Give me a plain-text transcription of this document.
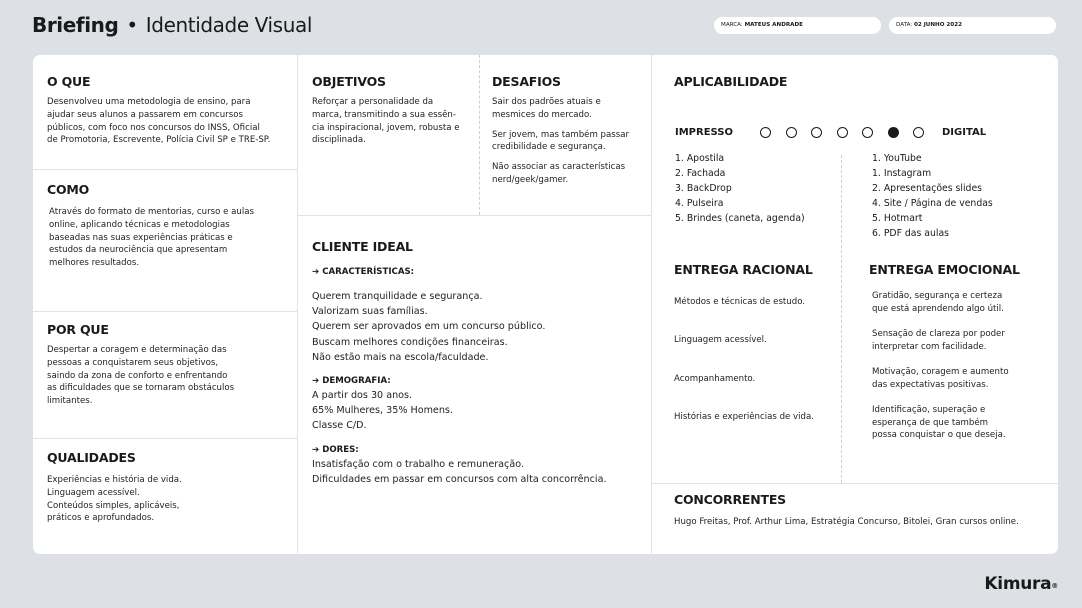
Briefing • Identidade Visual	MARCA: MATEUS ANDRADE	DATA: 02 JUNHO 2022
O QUE
Desenvolveu uma metodologia de ensino, para
ajudar seus alunos a passarem em concursos
públicos, com foco nos concursos do INSS, Oficial
de Promotoria, Escrevente, Polícia Civil SP e TRE-SP.
COMO
Através do formato de mentorias, curso e aulas
online, aplicando técnicas e metodologias
baseadas nas suas experiências práticas e
estudos da neurociência que apresentam
melhores resultados.
POR QUE
Despertar a coragem e determinação das
pessoas a conquistarem seus objetivos,
saindo da zona de conforto e enfrentando
as dificuldades que se tornaram obstáculos
limitantes.
QUALIDADES
Experiências e história de vida.
Linguagem acessível.
Conteúdos simples, aplicáveis,
práticos e aprofundados.
OBJETIVOS
Reforçar a personalidade da
marca, transmitindo a sua essên-
cia inspiracional, jovem, robusta e
disciplinada.
DESAFIOS
Sair dos padrões atuais e
mesmices do mercado.
Ser jovem, mas também passar
credibilidade e segurança.
Não associar as características
nerd/geek/gamer.
CLIENTE IDEAL
➔ CARACTERÍSTICAS:
Querem tranquilidade e segurança.
Valorizam suas famílias.
Querem ser aprovados em um concurso público.
Buscam melhores condições financeiras.
Não estão mais na escola/faculdade.
➔ DEMOGRAFIA:
A partir dos 30 anos.
65% Mulheres, 35% Homens.
Classe C/D.
➔ DORES:
Insatisfação com o trabalho e remuneração.
Dificuldades em passar em concursos com alta concorrência.
APLICABILIDADE
IMPRESSO	DIGITAL
1. Apostila
2. Fachada
3. BackDrop
4. Pulseira
5. Brindes (caneta, agenda)
1. YouTube
1. Instagram
2. Apresentações slides
4. Site / Página de vendas
5. Hotmart
6. PDF das aulas
ENTREGA RACIONAL
Métodos e técnicas de estudo.
Linguagem acessível.
Acompanhamento.
Histórias e experiências de vida.
ENTREGA EMOCIONAL
Gratidão, segurança e certeza
que está aprendendo algo útil.
Sensação de clareza por poder
interpretar com facilidade.
Motivação, coragem e aumento
das expectativas positivas.
Identificação, superação e
esperança de que também
possa conquistar o que deseja.
CONCORRENTES
Hugo Freitas, Prof. Arthur Lima, Estratégia Concurso, Bitolei, Gran cursos online.
Kimura®
